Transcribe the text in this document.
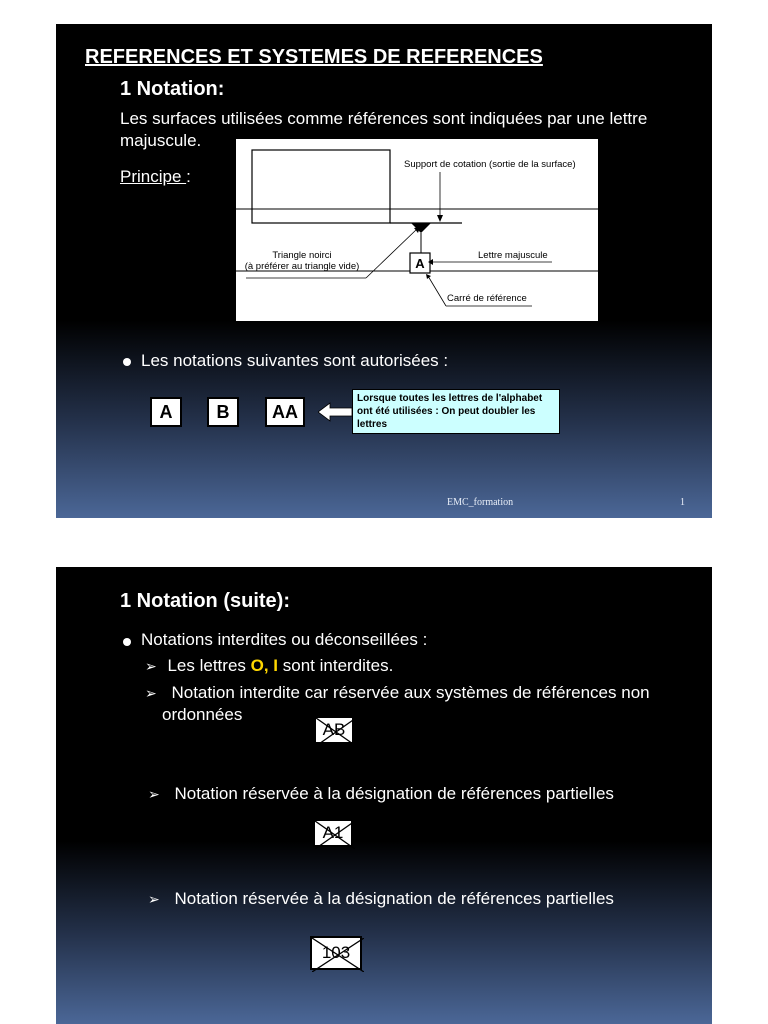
REFERENCES ET SYSTEMES DE REFERENCES
1 Notation:
Les surfaces utilisées comme références sont indiquées par une lettre
majuscule.
Principe :
Support de cotation (sortie de la surface)
Triangle noirci
(à préférer au triangle vide)
Lettre majuscule
Carré de référence
A
Les notations suivantes sont autorisées :
A	B	AA
Lorsque toutes les lettres de l'alphabet ont été utilisées : On peut doubler les lettres
EMC_formation	1
1 Notation (suite):
Notations interdites ou déconseillées :
➢ Les lettres O, I sont interdites.
➢ Notation interdite car réservée aux systèmes de références non
ordonnées
AB
➢ Notation réservée à la désignation de références partielles
A1
➢ Notation réservée à la désignation de références partielles
103
